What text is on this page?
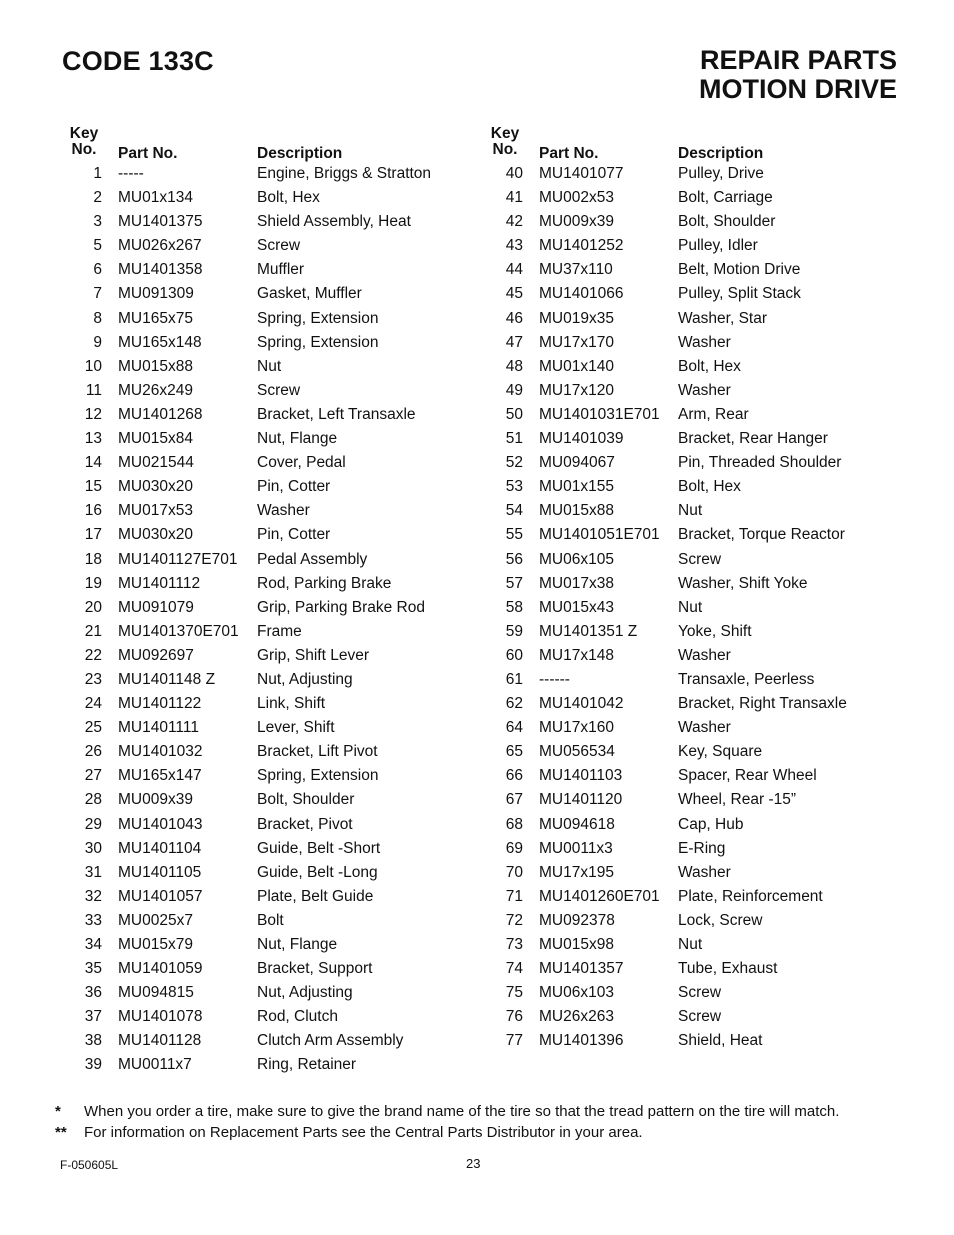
CODE 133C	REPAIR PARTS
MOTION DRIVE
Key
No.	Part No.	Description
1 -----	Engine, Briggs & Stratton
2 MU01x134	Bolt, Hex
3 MU1401375	Shield Assembly, Heat
5 MU026x267	Screw
6 MU1401358	Muffler
7 MU091309	Gasket, Muffler
8 MU165x75	Spring, Extension
9 MU165x148	Spring, Extension
10 MU015x88	Nut
11 MU26x249	Screw
12 MU1401268	Bracket, Left Transaxle
13 MU015x84	Nut, Flange
14 MU021544	Cover, Pedal
15 MU030x20	Pin, Cotter
16 MU017x53	Washer
17 MU030x20	Pin, Cotter
18 MU1401127E701 Pedal Assembly
19 MU1401112	Rod, Parking Brake
20 MU091079	Grip, Parking Brake Rod
21 MU1401370E701 Frame
22 MU092697	Grip, Shift Lever
23 MU1401148 Z	Nut, Adjusting
24 MU1401122	Link, Shift
25 MU1401111	Lever, Shift
26 MU1401032	Bracket, Lift Pivot
27 MU165x147	Spring, Extension
28 MU009x39	Bolt, Shoulder
29 MU1401043	Bracket, Pivot
30 MU1401104	Guide, Belt -Short
31 MU1401105	Guide, Belt -Long
32 MU1401057	Plate, Belt Guide
33 MU0025x7	Bolt
34 MU015x79	Nut, Flange
35 MU1401059	Bracket, Support
36 MU094815	Nut, Adjusting
37 MU1401078	Rod, Clutch
38 MU1401128	Clutch Arm Assembly
39 MU0011x7	Ring, Retainer
Key
No.	Part No.	Description
40 MU1401077	Pulley, Drive
41 MU002x53	Bolt, Carriage
42 MU009x39	Bolt, Shoulder
43 MU1401252	Pulley, Idler
44 MU37x110	Belt, Motion Drive
45 MU1401066	Pulley, Split Stack
46 MU019x35	Washer, Star
47 MU17x170	Washer
48 MU01x140	Bolt, Hex
49 MU17x120	Washer
50 MU1401031E701 Arm, Rear
51 MU1401039	Bracket, Rear Hanger
52 MU094067	Pin, Threaded Shoulder
53 MU01x155	Bolt, Hex
54 MU015x88	Nut
55 MU1401051E701 Bracket, Torque Reactor
56 MU06x105	Screw
57 MU017x38	Washer, Shift Yoke
58 MU015x43	Nut
59 MU1401351 Z	Yoke, Shift
60 MU17x148	Washer
61 ------	Transaxle, Peerless
62 MU1401042	Bracket, Right Transaxle
64 MU17x160	Washer
65 MU056534	Key, Square
66 MU1401103	Spacer, Rear Wheel
67 MU1401120	Wheel, Rear -15”
68 MU094618	Cap, Hub
69 MU0011x3	E-Ring
70 MU17x195	Washer
71 MU1401260E701 Plate, Reinforcement
72 MU092378	Lock, Screw
73 MU015x98	Nut
74 MU1401357	Tube, Exhaust
75 MU06x103	Screw
76 MU26x263	Screw
77 MU1401396	Shield, Heat
* When you order a tire, make sure to give the brand name of the tire so that the tread pattern on the tire will match.
** For information on Replacement Parts see the Central Parts Distributor in your area.
F-050605L	23
